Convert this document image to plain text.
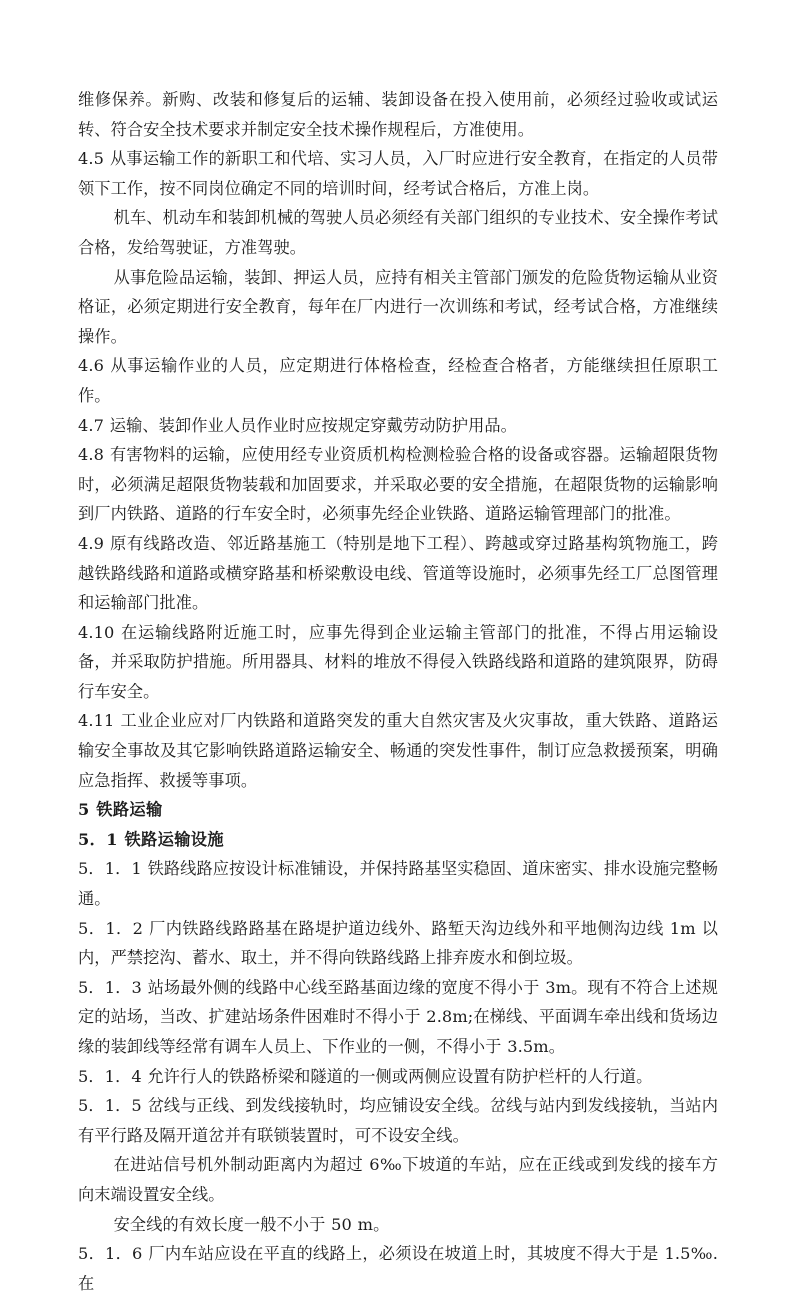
维修保养。新购、改装和修复后的运辅、装卸设备在投入使用前，必须经过验收或试运转、符合安全技术要求并制定安全技术操作规程后，方准使用。

4.5 从事运输工作的新职工和代培、实习人员，入厂时应进行安全教育，在指定的人员带领下工作，按不同岗位确定不同的培训时间，经考试合格后，方准上岗。

机车、机动车和装卸机械的驾驶人员必须经有关部门组织的专业技术、安全操作考试合格，发给驾驶证，方准驾驶。

从事危险品运输，装卸、押运人员，应持有相关主管部门颁发的危险货物运输从业资格证，必须定期进行安全教育，每年在厂内进行一次训练和考试，经考试合格，方准继续操作。

4.6 从事运输作业的人员，应定期进行体格检查，经检查合格者，方能继续担任原职工作。

4.7 运输、装卸作业人员作业时应按规定穿戴劳动防护用品。

4.8 有害物料的运输，应使用经专业资质机构检测检验合格的设备或容器。运输超限货物时，必须满足超限货物装载和加固要求，并采取必要的安全措施，在超限货物的运输影响到厂内铁路、道路的行车安全时，必须事先经企业铁路、道路运输管理部门的批准。

4.9 原有线路改造、邻近路基施工（特别是地下工程）、跨越或穿过路基构筑物施工，跨越铁路线路和道路或横穿路基和桥梁敷设电线、管道等设施时，必须事先经工厂总图管理和运输部门批准。

4.10 在运输线路附近施工时，应事先得到企业运输主管部门的批准，不得占用运输设备，并采取防护措施。所用器具、材料的堆放不得侵入铁路线路和道路的建筑限界，防碍行车安全。

4.11 工业企业应对厂内铁路和道路突发的重大自然灾害及火灾事故，重大铁路、道路运输安全事故及其它影响铁路道路运输安全、畅通的突发性事件，制订应急救援预案，明确应急指挥、救援等事项。

5 铁路运输

5．1 铁路运输设施

5．1．1 铁路线路应按设计标准铺设，并保持路基坚实稳固、道床密实、排水设施完整畅通。

5．1．2 厂内铁路线路路基在路堤护道边线外、路堑天沟边线外和平地侧沟边线 1m 以内，严禁挖沟、蓄水、取土，并不得向铁路线路上排弃废水和倒垃圾。

5．1．3 站场最外侧的线路中心线至路基面边缘的宽度不得小于 3m。现有不符合上述规定的站场，当改、扩建站场条件困难时不得小于 2.8m;在梯线、平面调车牵出线和货场边缘的装卸线等经常有调车人员上、下作业的一侧，不得小于 3.5m。

5．1．4 允许行人的铁路桥梁和隧道的一侧或两侧应设置有防护栏杆的人行道。

5．1．5 岔线与正线、到发线接轨时，均应铺设安全线。岔线与站内到发线接轨，当站内有平行路及隔开道岔并有联锁装置时，可不设安全线。

在进站信号机外制动距离内为超过 6‰下坡道的车站，应在正线或到发线的接车方向末端设置安全线。

安全线的有效长度一般不小于 50 m。

5．1．6 厂内车站应设在平直的线路上，必须设在坡道上时，其坡度不得大于是 1.5‰. 在
